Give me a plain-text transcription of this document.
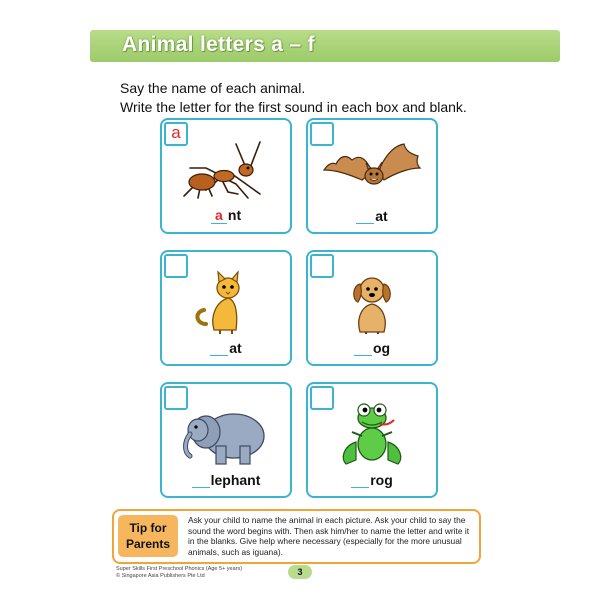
Animal letters a – f
Say the name of each animal.
Write the letter for the first sound in each box and blank.
a
a nt	at
at	og
lephant	rog
Tip for
Parents
Ask your child to name the animal in each picture. Ask your child to say the sound the word begins with. Then ask him/her to name the letter and write it in the blanks. Give help where necessary (especially for the more unusual animals, such as iguana).
Super Skills First Preschool Phonics (Age 5+ years)
© Singapore Asia Publishers Pte Ltd	3
